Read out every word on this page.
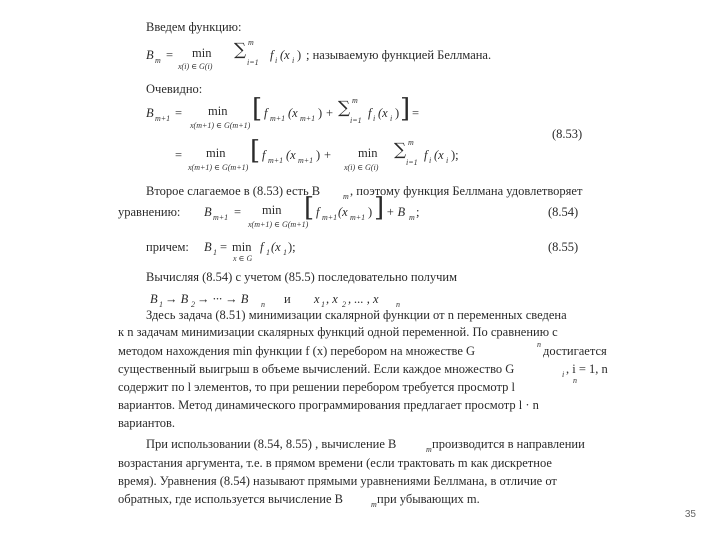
Введем функцию:
B m = min
x(i) ∈ G(i)
∑ m
i=1
f i (x i ) ; называемую функцией Беллмана.
Очевидно:
B m+1 = min
x(m+1) ∈ G(m+1)
[ f m+1 (x m+1 ) + ∑ m
i=1
f i (x i ) ] =
(8.53)
= min
x(m+1) ∈ G(m+1)
[ f m+1 (x m+1 ) + min
x(i) ∈ G(i)
∑ m
i=1
f i (x i );
Второе слагаемое в (8.53) есть B	m , поэтому функция Беллмана удовлетворяет
уравнению: B m+1 = min
x(m+1) ∈ G(m+1)
[ f m+1 (x m+1 ) ] + B m ;	(8.54)
причем: B 1 = min
x ∈ G
f 1 (x 1 );	(8.55)
Вычисляя (8.54) с учетом (85.5) последовательно получим
B 1 → B 2 → ··· → B n и x 1 , x 2 , ... , x n
Здесь задача (8.51) минимизации скалярной функции от n переменных сведена
к n задачам минимизации скалярных функций одной переменной. По сравнению с
методом нахождения min функции f (x) перебором на множестве G	n достигается
существенный выигрыш в объеме вычислений. Если каждое множество G	i , i = 1, n
содержит по l элементов, то при решении перебором требуется просмотр l	n
вариантов. Метод динамического программирования предлагает просмотр l · n
вариантов.
При использовании (8.54, 8.55) , вычисление B	m производится в направлении
возрастания аргумента, т.е. в прямом времени (если трактовать m как дискретное
время). Уравнения (8.54) называют прямыми уравнениями Беллмана, в отличие от
обратных, где используется вычисление B	m при убывающих m.
35
